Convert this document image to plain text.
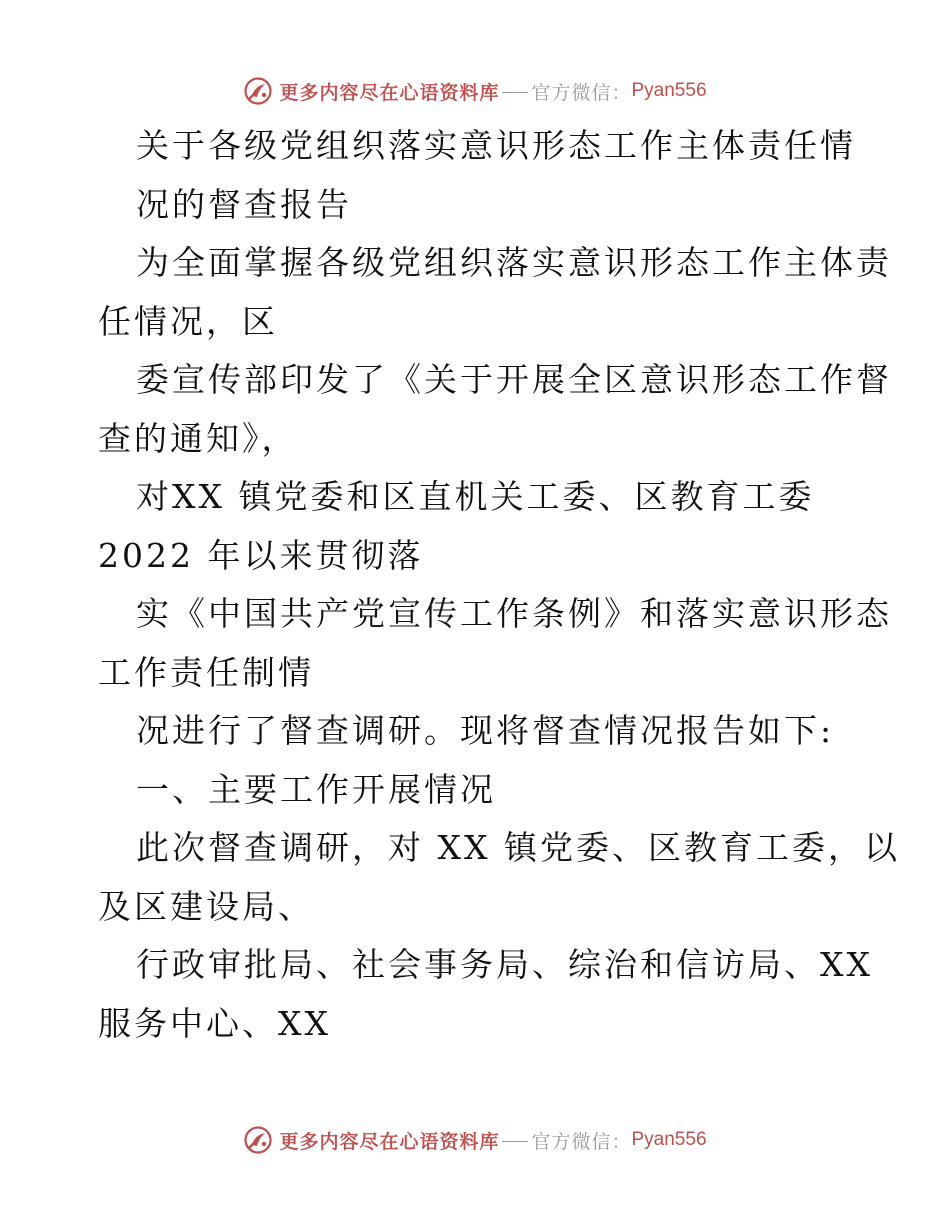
更多内容尽在心语资料库 官方微信： Pyan556
关于各级党组织落实意识形态工作主体责任情
况的督查报告
为全面掌握各级党组织落实意识形态工作主体责
任情况，区
委宣传部印发了《关于开展全区意识形态工作督
查的通知》，
对XX 镇党委和区直机关工委、区教育工委
2022 年以来贯彻落
实《中国共产党宣传工作条例》和落实意识形态
工作责任制情
况进行了督查调研。现将督查情况报告如下:
一、主要工作开展情况
此次督查调研，对 XX 镇党委、区教育工委，以
及区建设局、
行政审批局、社会事务局、综治和信访局、XX
服务中心、XX
更多内容尽在心语资料库 官方微信： Pyan556
